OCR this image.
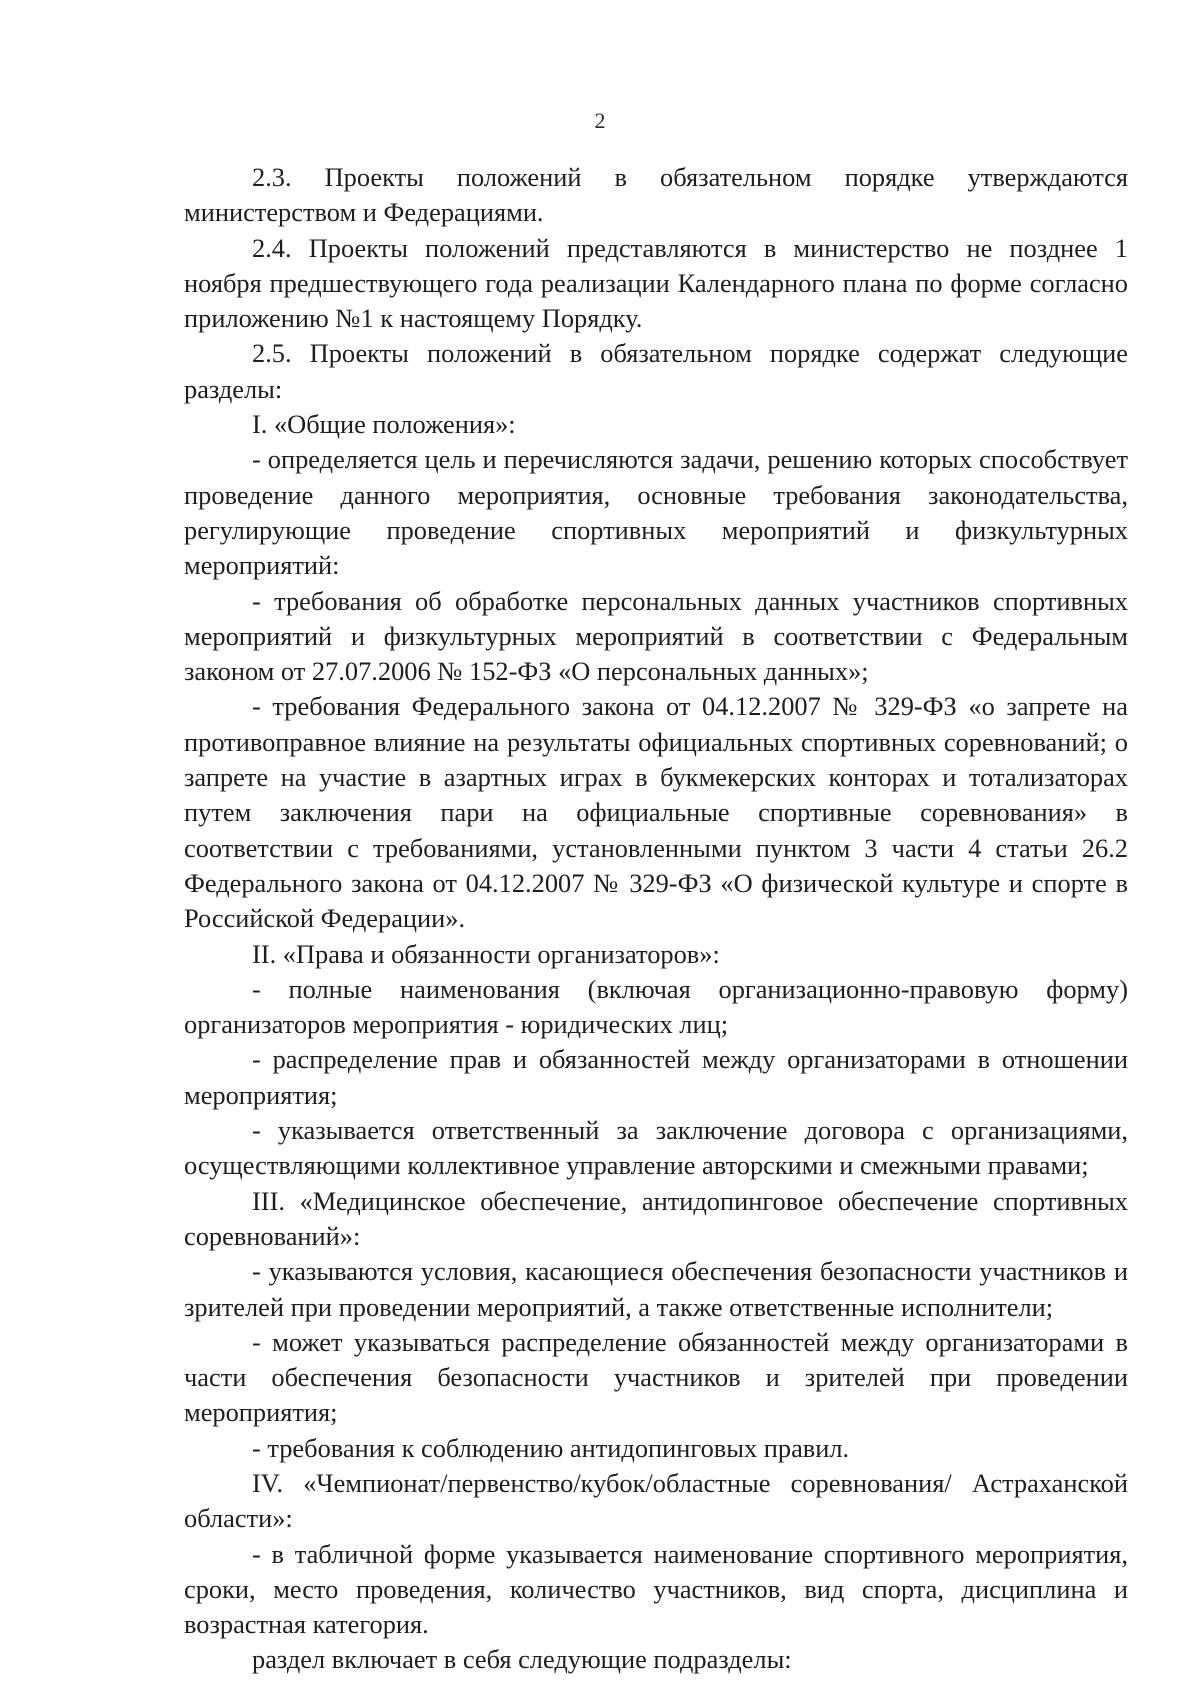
2

2.3. Проекты положений в обязательном порядке утверждаются министерством и Федерациями.

2.4. Проекты положений представляются в министерство не позднее 1 ноября предшествующего года реализации Календарного плана по форме согласно приложению №1 к настоящему Порядку.

2.5. Проекты положений в обязательном порядке содержат следующие разделы:

I. «Общие положения»:

- определяется цель и перечисляются задачи, решению которых способствует проведение данного мероприятия, основные требования законодательства, регулирующие проведение спортивных мероприятий и физкультурных мероприятий:

- требования об обработке персональных данных участников спортивных мероприятий и физкультурных мероприятий в соответствии с Федеральным законом от 27.07.2006 № 152-ФЗ «О персональных данных»;

- требования Федерального закона от 04.12.2007 № 329-ФЗ «о запрете на противоправное влияние на результаты официальных спортивных соревнований; о запрете на участие в азартных играх в букмекерских конторах и тотализаторах путем заключения пари на официальные спортивные соревнования» в соответствии с требованиями, установленными пунктом 3 части 4 статьи 26.2 Федерального закона от 04.12.2007 № 329-ФЗ «О физической культуре и спорте в Российской Федерации».

II. «Права и обязанности организаторов»:

- полные наименования (включая организационно-правовую форму) организаторов мероприятия - юридических лиц;

- распределение прав и обязанностей между организаторами в отношении мероприятия;

- указывается ответственный за заключение договора с организациями, осуществляющими коллективное управление авторскими и смежными правами;

III. «Медицинское обеспечение, антидопинговое обеспечение спортивных соревнований»:

- указываются условия, касающиеся обеспечения безопасности участников и зрителей при проведении мероприятий, а также ответственные исполнители;

- может указываться распределение обязанностей между организаторами в части обеспечения безопасности участников и зрителей при проведении мероприятия;

- требования к соблюдению антидопинговых правил.

IV. «Чемпионат/первенство/кубок/областные соревнования/ Астраханской области»:

- в табличной форме указывается наименование спортивного мероприятия, сроки, место проведения, количество участников, вид спорта, дисциплина и возрастная категория.

раздел включает в себя следующие подразделы:
